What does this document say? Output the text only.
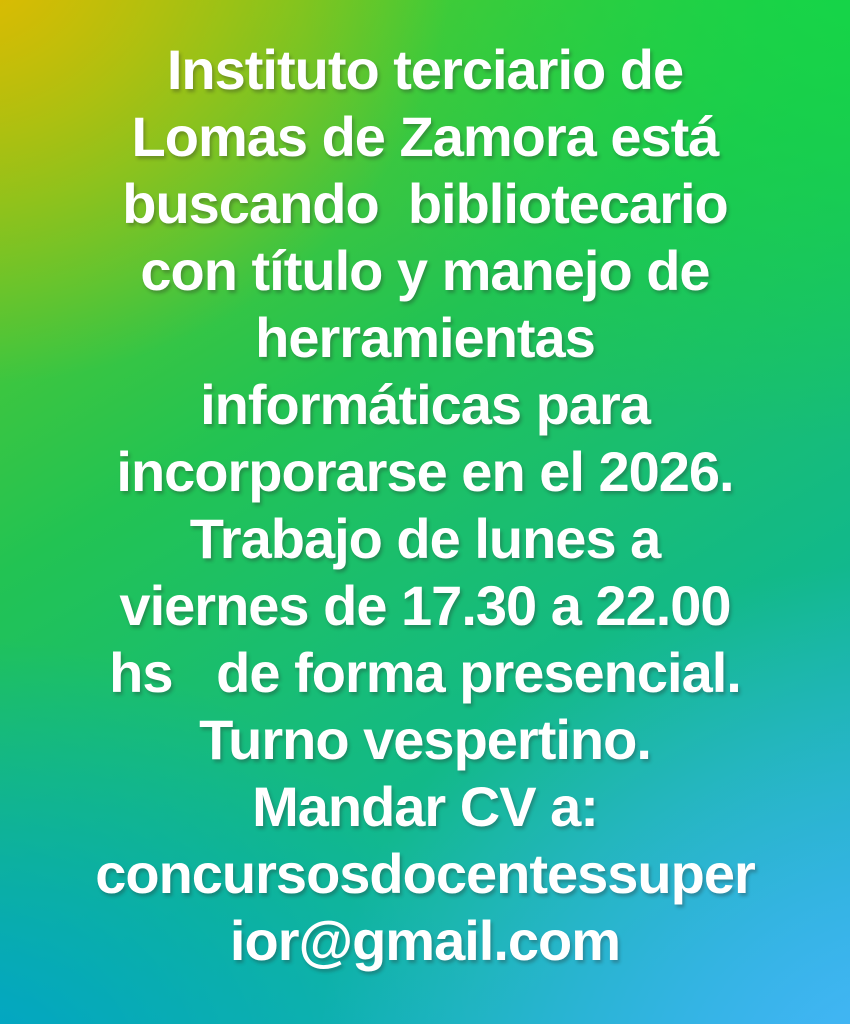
Instituto terciario de
Lomas de Zamora está
buscando  bibliotecario
con título y manejo de
herramientas
informáticas para
incorporarse en el 2026.
Trabajo de lunes a
viernes de 17.30 a 22.00
hs   de forma presencial.
Turno vespertino.
Mandar CV a:
concursosdocentessuper
ior@gmail.com
